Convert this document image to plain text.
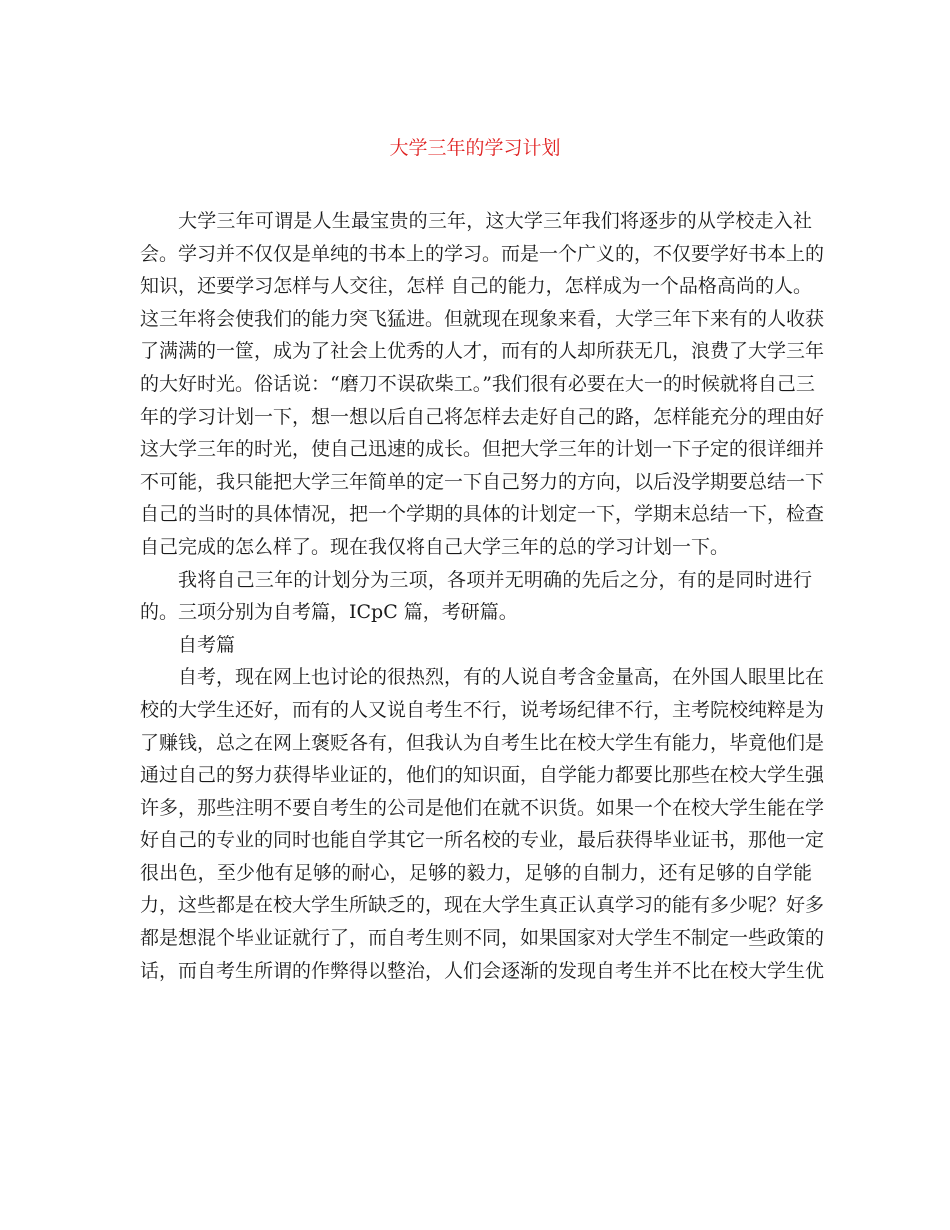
大学三年的学习计划
大学三年可谓是人生最宝贵的三年，这大学三年我们将逐步的从学校走入社
会。学习并不仅仅是单纯的书本上的学习。而是一个广义的，不仅要学好书本上的
知识，还要学习怎样与人交往，怎样 自己的能力，怎样成为一个品格高尚的人。
这三年将会使我们的能力突飞猛进。但就现在现象来看，大学三年下来有的人收获
了满满的一筐，成为了社会上优秀的人才，而有的人却所获无几，浪费了大学三年
的大好时光。俗话说：“磨刀不误砍柴工。”我们很有必要在大一的时候就将自己三
年的学习计划一下，想一想以后自己将怎样去走好自己的路，怎样能充分的理由好
这大学三年的时光，使自己迅速的成长。但把大学三年的计划一下子定的很详细并
不可能，我只能把大学三年简单的定一下自己努力的方向，以后没学期要总结一下
自己的当时的具体情况，把一个学期的具体的计划定一下，学期末总结一下，检查
自己完成的怎么样了。现在我仅将自己大学三年的总的学习计划一下。
我将自己三年的计划分为三项，各项并无明确的先后之分，有的是同时进行
的。三项分别为自考篇，ICpC 篇，考研篇。
自考篇
自考，现在网上也讨论的很热烈，有的人说自考含金量高，在外国人眼里比在
校的大学生还好，而有的人又说自考生不行，说考场纪律不行，主考院校纯粹是为
了赚钱，总之在网上褒贬各有，但我认为自考生比在校大学生有能力，毕竟他们是
通过自己的努力获得毕业证的，他们的知识面，自学能力都要比那些在校大学生强
许多，那些注明不要自考生的公司是他们在就不识货。如果一个在校大学生能在学
好自己的专业的同时也能自学其它一所名校的专业，最后获得毕业证书，那他一定
很出色，至少他有足够的耐心，足够的毅力，足够的自制力，还有足够的自学能
力，这些都是在校大学生所缺乏的，现在大学生真正认真学习的能有多少呢？好多
都是想混个毕业证就行了，而自考生则不同，如果国家对大学生不制定一些政策的
话，而自考生所谓的作弊得以整治，人们会逐渐的发现自考生并不比在校大学生优
